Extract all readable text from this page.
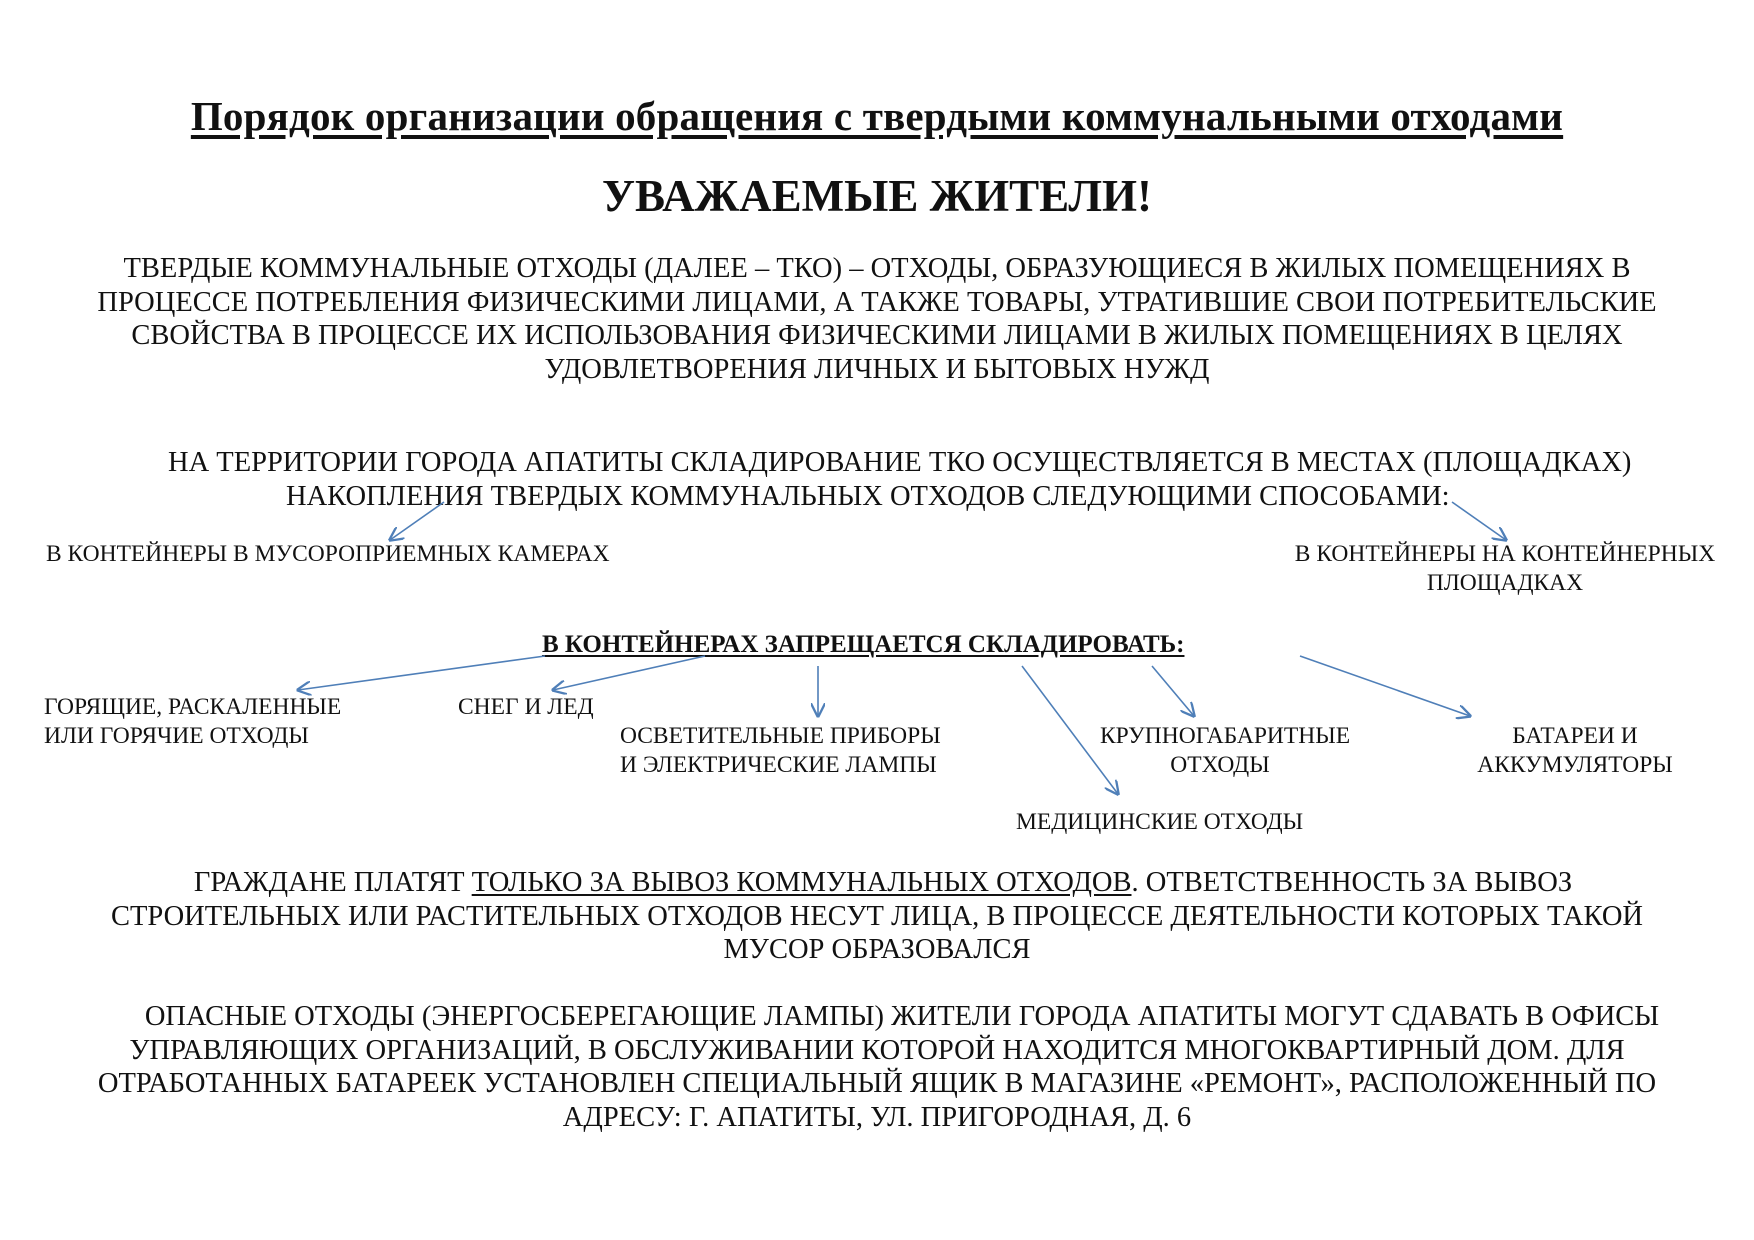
Порядок организации обращения с твердыми коммунальными отходами
УВАЖАЕМЫЕ ЖИТЕЛИ!
ТВЕРДЫЕ КОММУНАЛЬНЫЕ ОТХОДЫ (ДАЛЕЕ – ТКО) – ОТХОДЫ, ОБРАЗУЮЩИЕСЯ В ЖИЛЫХ ПОМЕЩЕНИЯХ В
ПРОЦЕССЕ ПОТРЕБЛЕНИЯ ФИЗИЧЕСКИМИ ЛИЦАМИ, А ТАКЖЕ ТОВАРЫ, УТРАТИВШИЕ СВОИ ПОТРЕБИТЕЛЬСКИЕ
СВОЙСТВА В ПРОЦЕССЕ ИХ ИСПОЛЬЗОВАНИЯ ФИЗИЧЕСКИМИ ЛИЦАМИ В ЖИЛЫХ ПОМЕЩЕНИЯХ В ЦЕЛЯХ
УДОВЛЕТВОРЕНИЯ ЛИЧНЫХ И БЫТОВЫХ НУЖД
НА ТЕРРИТОРИИ ГОРОДА АПАТИТЫ СКЛАДИРОВАНИЕ ТКО ОСУЩЕСТВЛЯЕТСЯ В МЕСТАХ (ПЛОЩАДКАХ)
НАКОПЛЕНИЯ ТВЕРДЫХ КОММУНАЛЬНЫХ ОТХОДОВ СЛЕДУЮЩИМИ СПОСОБАМИ:
В КОНТЕЙНЕРЫ В МУСОРОПРИЕМНЫХ КАМЕРАХ	В КОНТЕЙНЕРЫ НА КОНТЕЙНЕРНЫХ
ПЛОЩАДКАХ
В КОНТЕЙНЕРАХ ЗАПРЕЩАЕТСЯ СКЛАДИРОВАТЬ:
ГОРЯЩИЕ, РАСКАЛЕННЫЕ
ИЛИ ГОРЯЧИЕ ОТХОДЫ
СНЕГ И ЛЕД
ОСВЕТИТЕЛЬНЫЕ ПРИБОРЫ
И ЭЛЕКТРИЧЕСКИЕ ЛАМПЫ
КРУПНОГАБАРИТНЫЕ
ОТХОДЫ
БАТАРЕИ И
АККУМУЛЯТОРЫ
МЕДИЦИНСКИЕ ОТХОДЫ
ГРАЖДАНЕ ПЛАТЯТ ТОЛЬКО ЗА ВЫВОЗ КОММУНАЛЬНЫХ ОТХОДОВ. ОТВЕТСТВЕННОСТЬ ЗА ВЫВОЗ
СТРОИТЕЛЬНЫХ ИЛИ РАСТИТЕЛЬНЫХ ОТХОДОВ НЕСУТ ЛИЦА, В ПРОЦЕССЕ ДЕЯТЕЛЬНОСТИ КОТОРЫХ ТАКОЙ
МУСОР ОБРАЗОВАЛСЯ
ОПАСНЫЕ ОТХОДЫ (ЭНЕРГОСБЕРЕГАЮЩИЕ ЛАМПЫ) ЖИТЕЛИ ГОРОДА АПАТИТЫ МОГУТ СДАВАТЬ В ОФИСЫ
УПРАВЛЯЮЩИХ ОРГАНИЗАЦИЙ, В ОБСЛУЖИВАНИИ КОТОРОЙ НАХОДИТСЯ МНОГОКВАРТИРНЫЙ ДОМ. ДЛЯ
ОТРАБОТАННЫХ БАТАРЕЕК УСТАНОВЛЕН СПЕЦИАЛЬНЫЙ ЯЩИК В МАГАЗИНЕ «РЕМОНТ», РАСПОЛОЖЕННЫЙ ПО
АДРЕСУ: Г. АПАТИТЫ, УЛ. ПРИГОРОДНАЯ, Д. 6
